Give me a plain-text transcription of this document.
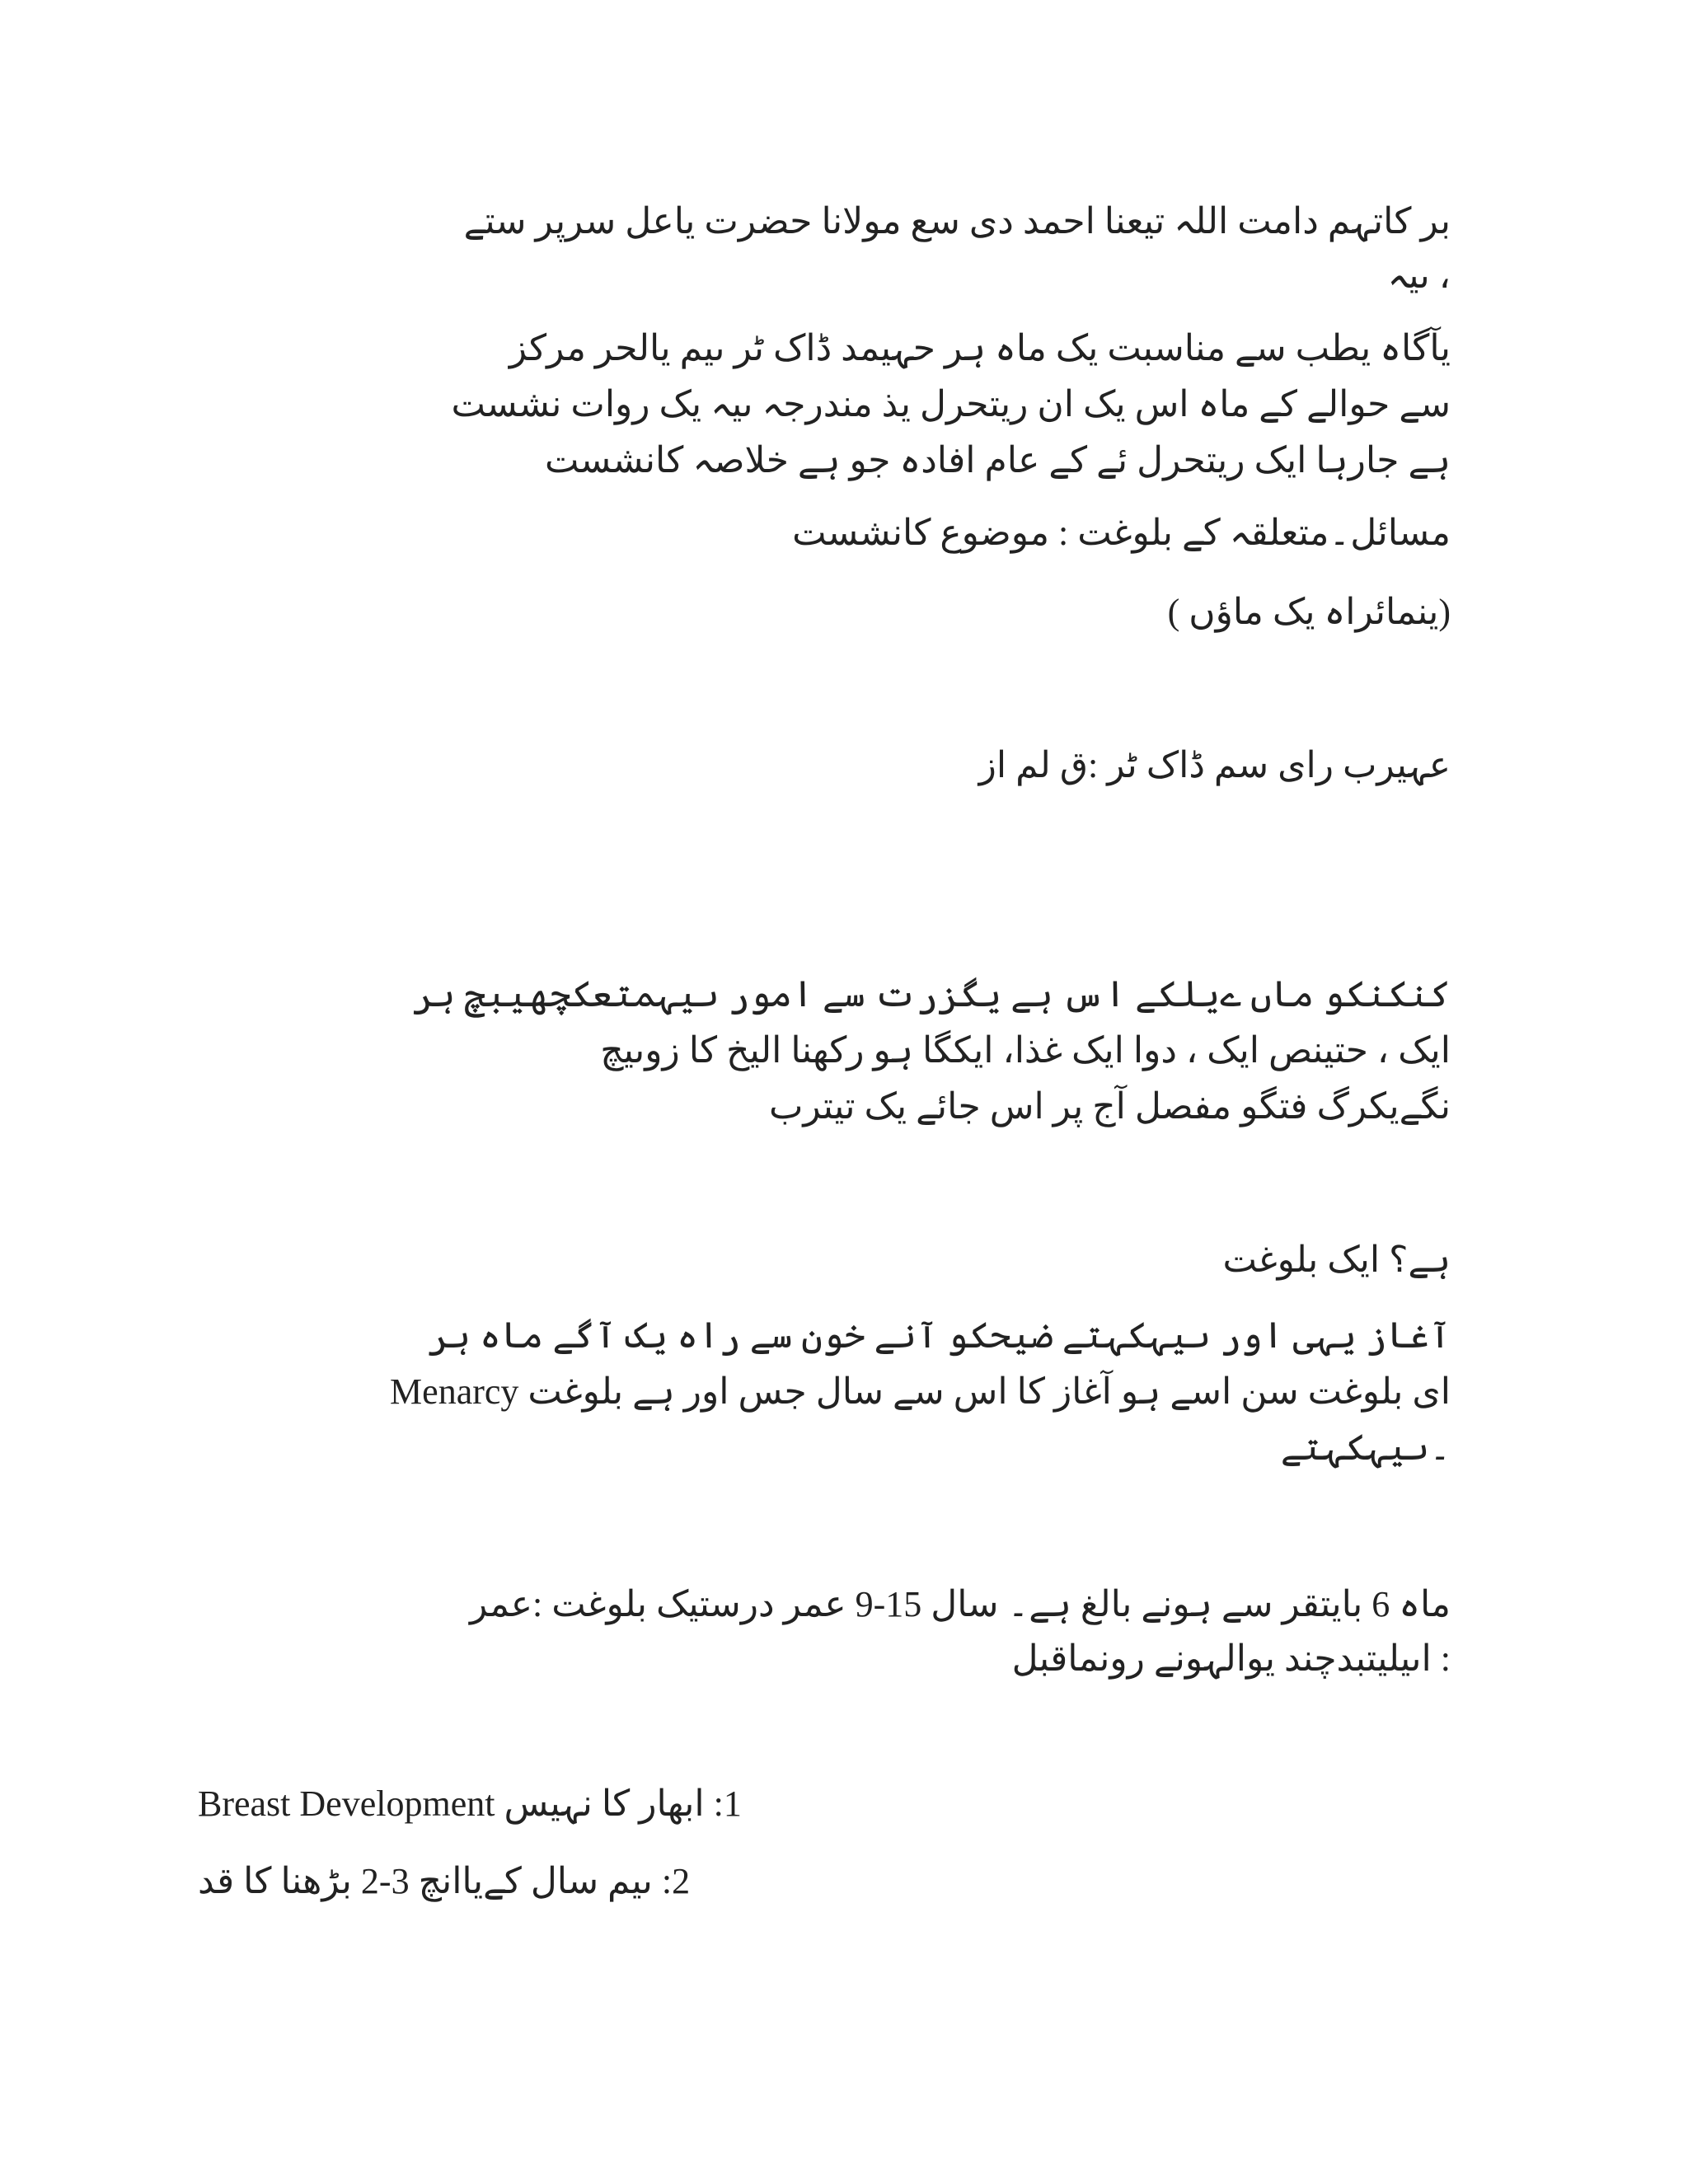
بر کاتہم دامت اللہ تیعنا احمد دی سع مولانا حضرت یاعل سرپر ستے
، ںیہ
یآگاہ یطب سے مناسبت یک ماہ ہر حہیمد ڈاک ٹر ںیم یالحر مرکز
سے حوالے کے ماہ اس یک ان ریتحرل یذ مندرجہ ںیہ یک روات نشست
ہے جارہا ایک ریتحرل ئے کے عام افادہ جو ہے خلاصہ کانشست
مسائل۔متعلقہ کے بلوغت : موضوع کانشست
(ینمائراہ یک ماؤں )
عہیرب رای سم ڈاک ٹر :ق لم از
کنکنکو ماں ےیلکے اس ہے یگزرت سے امور ںیہمتعکچھیبچ ہر
ایک ، حتینص ایک ، دوا ایک غذا، ایکگا ہو رکھنا الیخ کا زوںیچ
نگےیکرگ فتگو مفصل آج پر اس جائے یک تیترب
ہے؟ ایک بلوغت
آغاز یہی اور ںیہکہتے ضیحکو آنے خون سے راہ یک آگے ماہ ہر
Menarcy ای بلوغت سن اسے ہو آغاز کا اس سے سال جس اور ہے بلوغت
۔ںیہکہتے
ماہ 6 بایتقر سے ہونے بالغ ہے۔ سال 15-9 عمر درستیک بلوغت :عمر
: اںیلیتبدچند یوالہونے رونماقبل
1: ابھار کا نہیس Breast Development
2: ںیم سال کےیاانچ 3-2 بڑھنا کا قد
